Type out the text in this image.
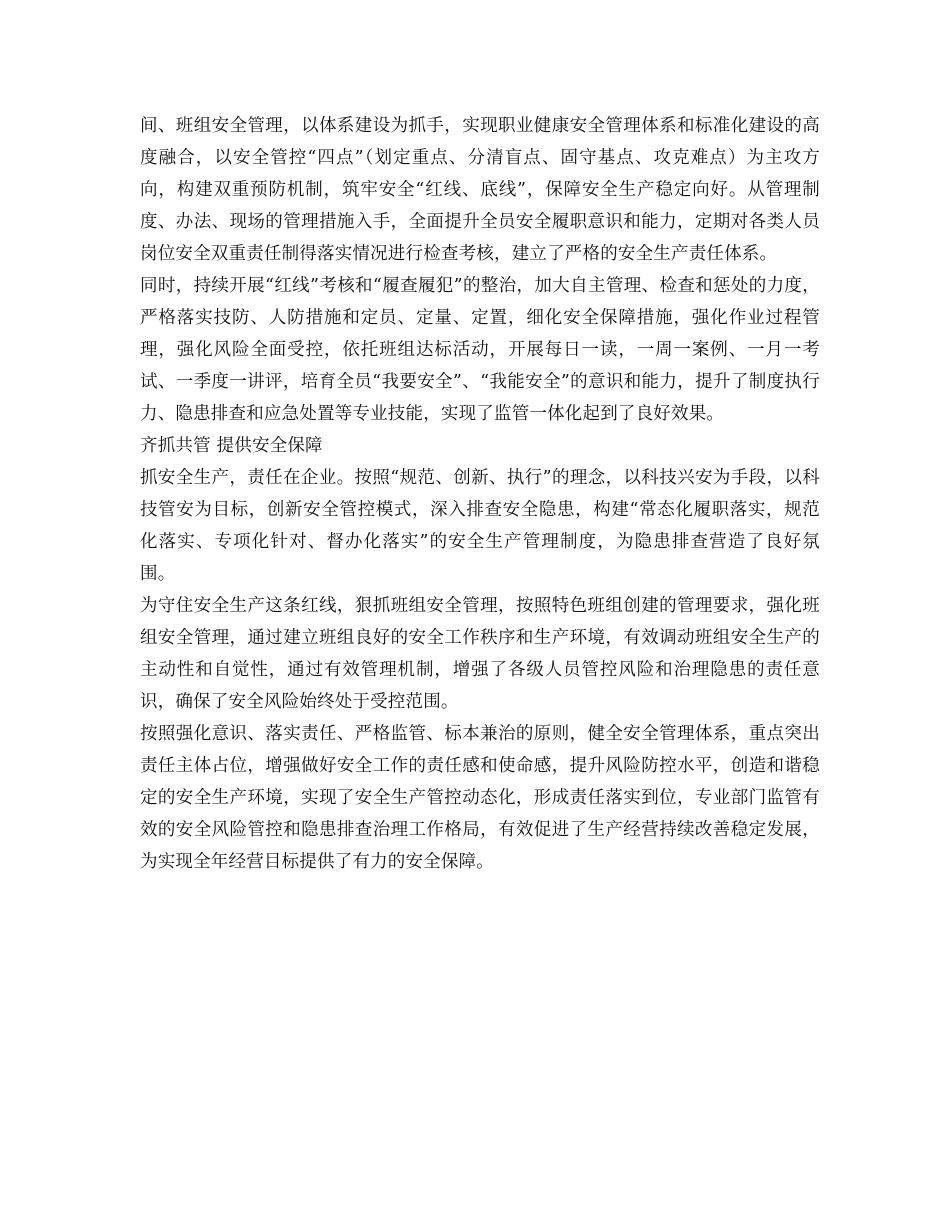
间、班组安全管理，以体系建设为抓手，实现职业健康安全管理体系和标准化建设的高度融合，以安全管控“四点”（划定重点、分清盲点、固守基点、攻克难点）为主攻方向，构建双重预防机制，筑牢安全“红线、底线”，保障安全生产稳定向好。从管理制度、办法、现场的管理措施入手，全面提升全员安全履职意识和能力，定期对各类人员岗位安全双重责任制得落实情况进行检查考核，建立了严格的安全生产责任体系。

同时，持续开展“红线”考核和“履查履犯”的整治，加大自主管理、检查和惩处的力度，严格落实技防、人防措施和定员、定量、定置，细化安全保障措施，强化作业过程管理，强化风险全面受控，依托班组达标活动，开展每日一读，一周一案例、一月一考试、一季度一讲评，培育全员“我要安全”、“我能安全”的意识和能力，提升了制度执行力、隐患排查和应急处置等专业技能，实现了监管一体化起到了良好效果。

齐抓共管 提供安全保障

抓安全生产，责任在企业。按照“规范、创新、执行”的理念，以科技兴安为手段，以科技管安为目标，创新安全管控模式，深入排查安全隐患，构建“常态化履职落实，规范化落实、专项化针对、督办化落实”的安全生产管理制度，为隐患排查营造了良好氛围。

为守住安全生产这条红线，狠抓班组安全管理，按照特色班组创建的管理要求，强化班组安全管理，通过建立班组良好的安全工作秩序和生产环境，有效调动班组安全生产的主动性和自觉性，通过有效管理机制，增强了各级人员管控风险和治理隐患的责任意识，确保了安全风险始终处于受控范围。

按照强化意识、落实责任、严格监管、标本兼治的原则，健全安全管理体系，重点突出责任主体占位，增强做好安全工作的责任感和使命感，提升风险防控水平，创造和谐稳定的安全生产环境，实现了安全生产管控动态化，形成责任落实到位，专业部门监管有效的安全风险管控和隐患排查治理工作格局，有效促进了生产经营持续改善稳定发展，为实现全年经营目标提供了有力的安全保障。
